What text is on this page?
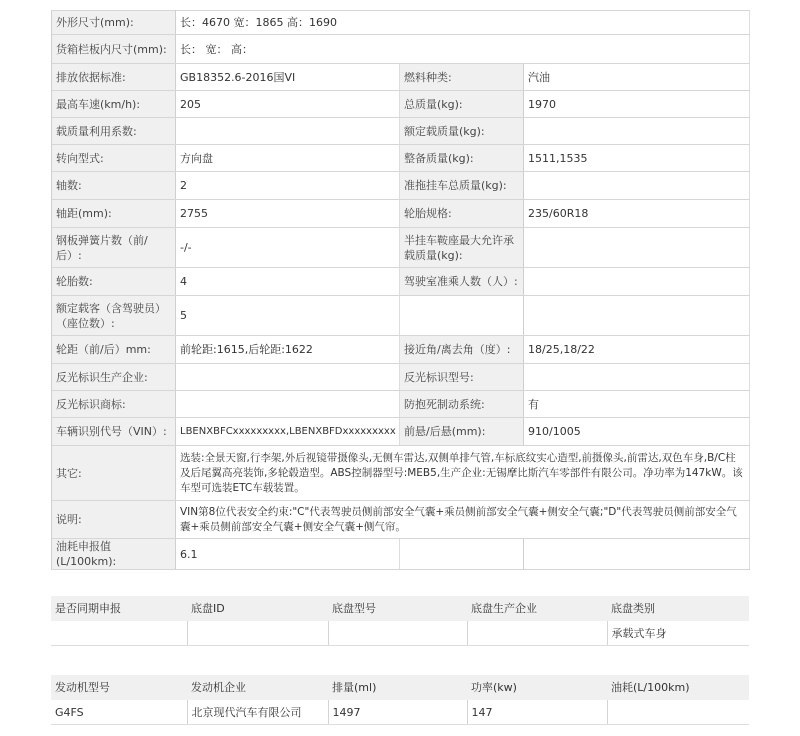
外形尺寸(mm):	长：4670 宽：1865 高：1690		
货箱栏板内尺寸(mm):	长： 宽： 高：		
排放依据标准:	GB18352.6-2016国VI	燃料种类:	汽油
最高车速(km/h):	205	总质量(kg):	1970
载质量利用系数:		额定载质量(kg):	
转向型式:	方向盘	整备质量(kg):	1511,1535
轴数:	2	准拖挂车总质量(kg):	
轴距(mm):	2755	轮胎规格:	235/60R18
钢板弹簧片数（前/后）:	-/-	半挂车鞍座最大允许承载质量(kg):	
轮胎数:	4	驾驶室准乘人数（人）:	
额定载客（含驾驶员）（座位数）:	5		
轮距（前/后）mm:	前轮距:1615,后轮距:1622	接近角/离去角（度）:	18/25,18/22
反光标识生产企业:		反光标识型号:	
反光标识商标:		防抱死制动系统:	有
车辆识别代号（VIN）:	LBENXBFCxxxxxxxxx,LBENXBFDxxxxxxxxx	前悬/后悬(mm):	910/1005
其它:	选装:全景天窗,行李架,外后视镜带摄像头,无侧车雷达,双侧单排气管,车标底纹实心造型,前摄像头,前雷达,双色车身,B/C柱及后尾翼高亮装饰,多轮毂造型。ABS控制器型号:MEB5,生产企业:无锡摩比斯汽车零部件有限公司。净功率为147kW。该车型可选装ETC车载装置。		
说明:	VIN第8位代表安全约束:"C"代表驾驶员侧前部安全气囊+乘员侧前部安全气囊+侧安全气囊;"D"代表驾驶员侧前部安全气囊+乘员侧前部安全气囊+侧安全气囊+侧气帘。		
油耗申报值(L/100km):	6.1		
是否同期申报	底盘ID	底盘型号	底盘生产企业	底盘类别
				承载式车身
发动机型号	发动机企业	排量(ml)	功率(kw)	油耗(L/100km)
G4FS	北京现代汽车有限公司	1497	147	
